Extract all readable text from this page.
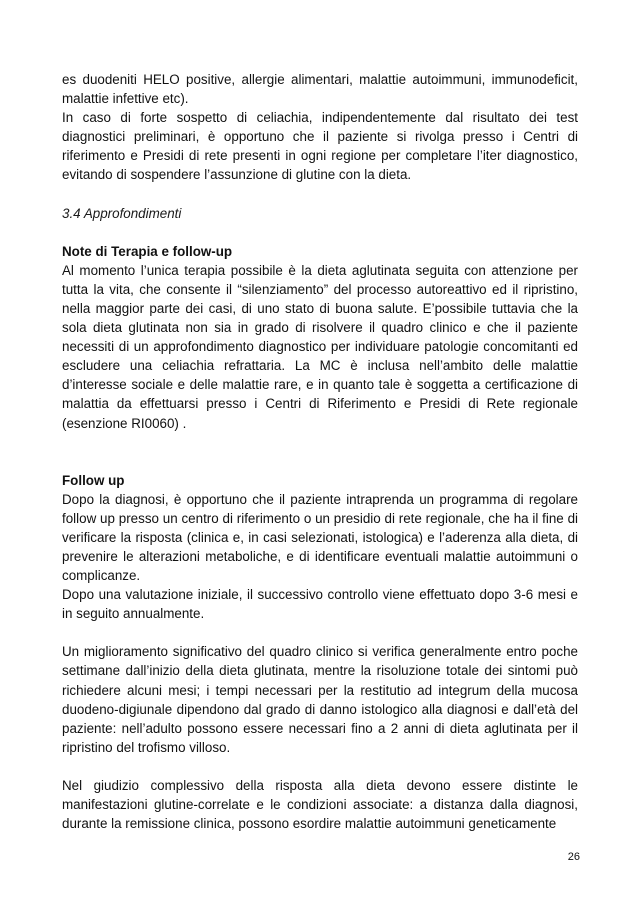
es duodeniti HELO positive, allergie alimentari, malattie autoimmuni, immunodeficit, malattie infettive etc).

In caso di forte sospetto di celiachia, indipendentemente dal risultato dei test diagnostici preliminari, è opportuno che il paziente si rivolga presso i Centri di riferimento e Presidi di rete presenti in ogni regione per completare l’iter diagnostico, evitando di sospendere l’assunzione di glutine con la dieta.

3.4 Approfondimenti

Note di Terapia e follow-up

Al momento l’unica terapia possibile è la dieta aglutinata seguita con attenzione per tutta la vita, che consente il “silenziamento” del processo autoreattivo ed il ripristino, nella maggior parte dei casi, di uno stato di buona salute. E’possibile tuttavia che la sola dieta glutinata non sia in grado di risolvere il quadro clinico e che il paziente necessiti di un approfondimento diagnostico per individuare patologie concomitanti ed escludere una celiachia refrattaria. La MC è inclusa nell’ambito delle malattie d’interesse sociale e delle malattie rare, e in quanto tale è soggetta a certificazione di malattia da effettuarsi presso i Centri di Riferimento e Presidi di Rete regionale (esenzione RI0060) .

Follow up

Dopo la diagnosi, è opportuno che il paziente intraprenda un programma di regolare follow up presso un centro di riferimento o un presidio di rete regionale, che ha il fine di verificare la risposta (clinica e, in casi selezionati, istologica) e l’aderenza alla dieta, di prevenire le alterazioni metaboliche, e di identificare eventuali malattie autoimmuni o complicanze.

Dopo una valutazione iniziale, il successivo controllo viene effettuato dopo 3-6 mesi e in seguito annualmente.

Un miglioramento significativo del quadro clinico si verifica generalmente entro poche settimane dall’inizio della dieta glutinata, mentre la risoluzione totale dei sintomi può richiedere alcuni mesi; i tempi necessari per la restitutio ad integrum della mucosa duodeno-digiunale dipendono dal grado di danno istologico alla diagnosi e dall’età del paziente: nell’adulto possono essere necessari fino a 2 anni di dieta aglutinata per il ripristino del trofismo villoso.

Nel giudizio complessivo della risposta alla dieta devono essere distinte le manifestazioni glutine-correlate e le condizioni associate: a distanza dalla diagnosi, durante la remissione clinica, possono esordire malattie autoimmuni geneticamente

26
